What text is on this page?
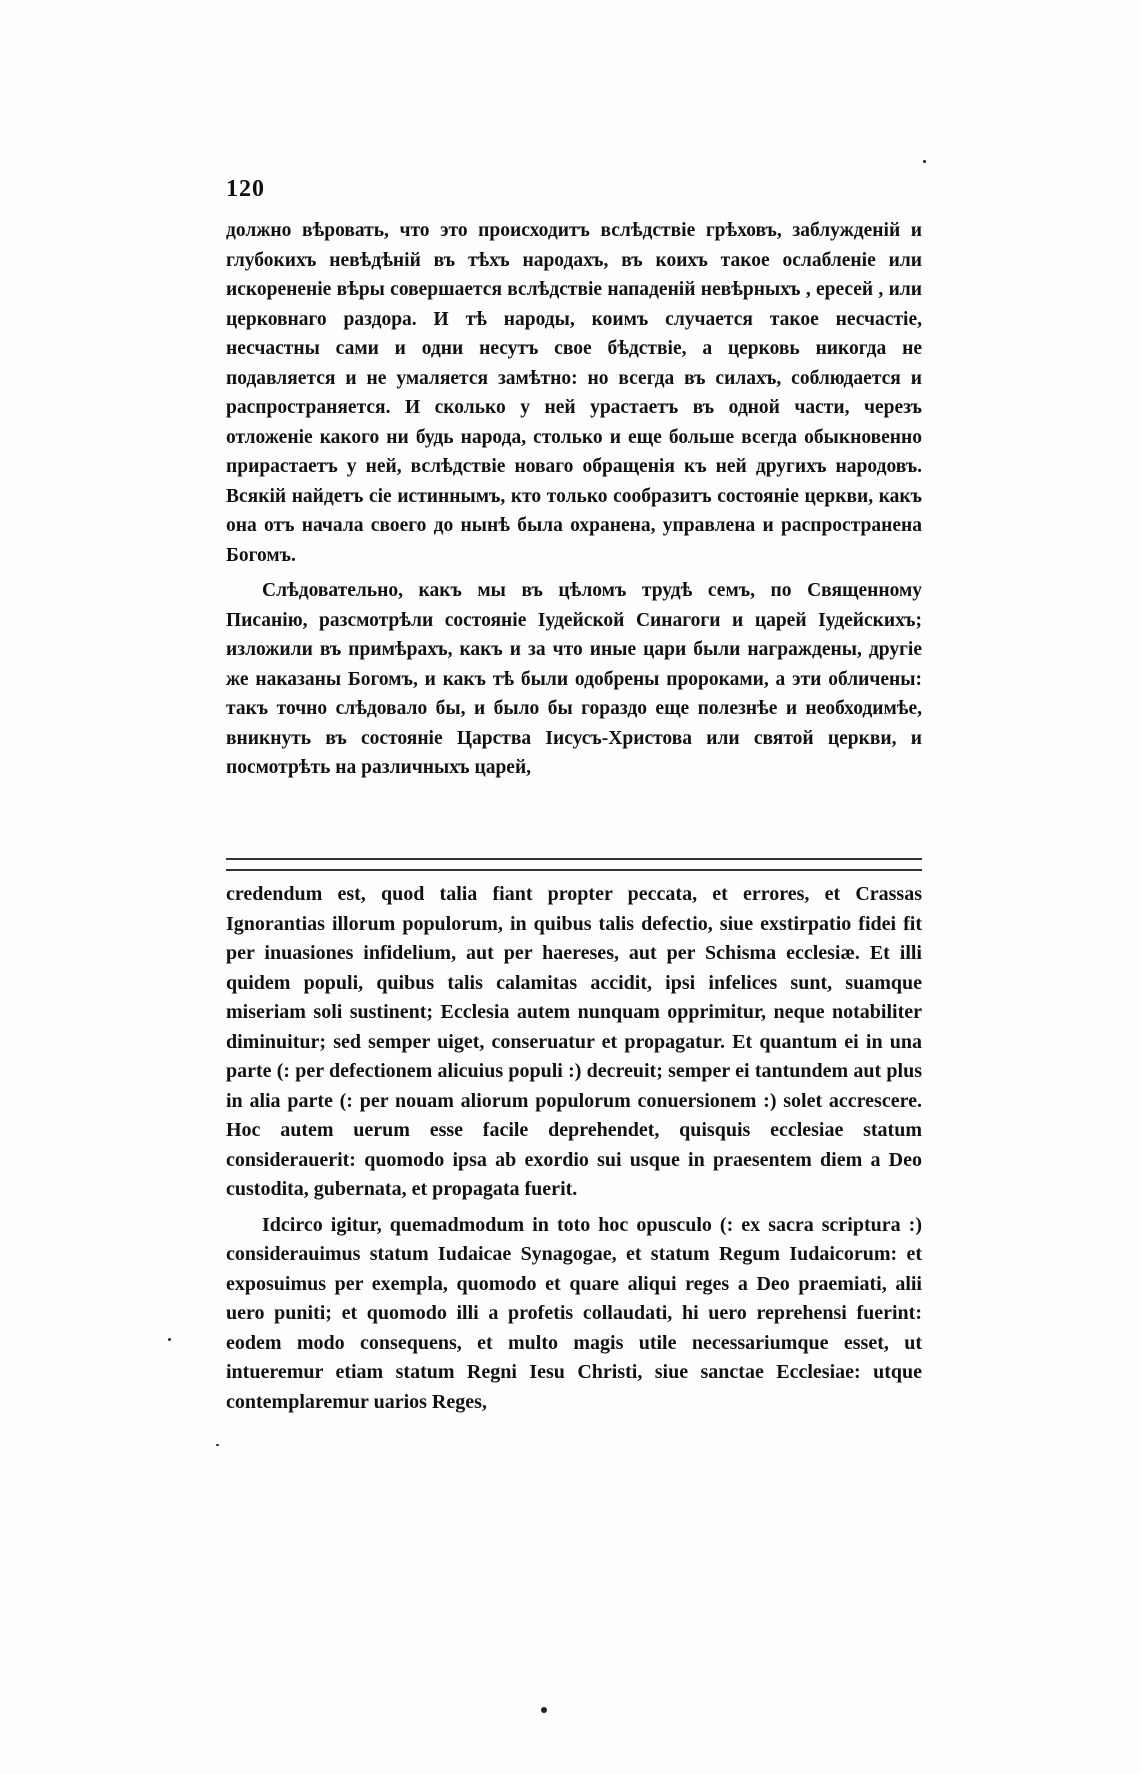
120

должно вѣровать, что это происходитъ вслѣдствіе грѣховъ, заблужденій и глубокихъ невѣдѣній въ тѣхъ народахъ, въ коихъ такое ослабленіе или искорененіе вѣры совершается вслѣдствіе нападеній невѣрныхъ , ересей , или церковнаго раздора. И тѣ народы, коимъ случается такое несчастіе, несчастны сами и одни несутъ свое бѣдствіе, а церковь никогда не подавляется и не умаляется замѣтно: но всегда въ силахъ, соблюдается и распространяется. И сколько у ней урастаетъ въ одной части, черезъ отложеніе какого ни будь народа, столько и еще больше всегда обыкновенно прирастаетъ у ней, вслѣдствіе новаго обращенія къ ней другихъ народовъ. Всякій найдетъ сіе истиннымъ, кто только сообразитъ состояніе церкви, какъ она отъ начала своего до нынѣ была охранена, управлена и распространена Богомъ.

Слѣдовательно, какъ мы въ цѣломъ трудѣ семъ, по Священному Писанію, разсмотрѣли состояніе Іудейской Синагоги и царей Іудейскихъ; изложили въ примѣрахъ, какъ и за что иные цари были награждены, другіе же наказаны Богомъ, и какъ тѣ были одобрены пророками, а эти обличены: такъ точно слѣдовало бы, и было бы гораздо еще полезнѣе и необходимѣе, вникнуть въ состояніе Царства Іисусъ-Христова или святой церкви, и посмотрѣть на различныхъ царей,

credendum est, quod talia fiant propter peccata, et errores, et Crassas Ignorantias illorum populorum, in quibus talis defectio, siue exstirpatio fidei fit per inuasiones infidelium, aut per haereses, aut per Schisma ecclesiæ. Et illi quidem populi, quibus talis calamitas accidit, ipsi infelices sunt, suamque miseriam soli sustinent; Ecclesia autem nunquam opprimitur, neque notabiliter diminuitur; sed semper uiget, conseruatur et propagatur. Et quantum ei in una parte (: per defectionem alicuius populi :) decreuit; semper ei tantundem aut plus in alia parte (: per nouam aliorum populorum conuersionem :) solet accrescere. Hoc autem uerum esse facile deprehendet, quisquis ecclesiae statum considerauerit: quomodo ipsa ab exordio sui usque in praesentem diem a Deo custodita, gubernata, et propagata fuerit.

Idcirco igitur, quemadmodum in toto hoc opusculo (: ex sacra scriptura :) considerauimus statum Iudaicae Synagogae, et statum Regum Iudaicorum: et exposuimus per exempla, quomodo et quare aliqui reges a Deo praemiati, alii uero puniti; et quomodo illi a profetis collaudati, hi uero reprehensi fuerint: eodem modo consequens, et multo magis utile necessariumque esset, ut intueremur etiam statum Regni Iesu Christi, siue sanctae Ecclesiae: utque contemplaremur uarios Reges,
